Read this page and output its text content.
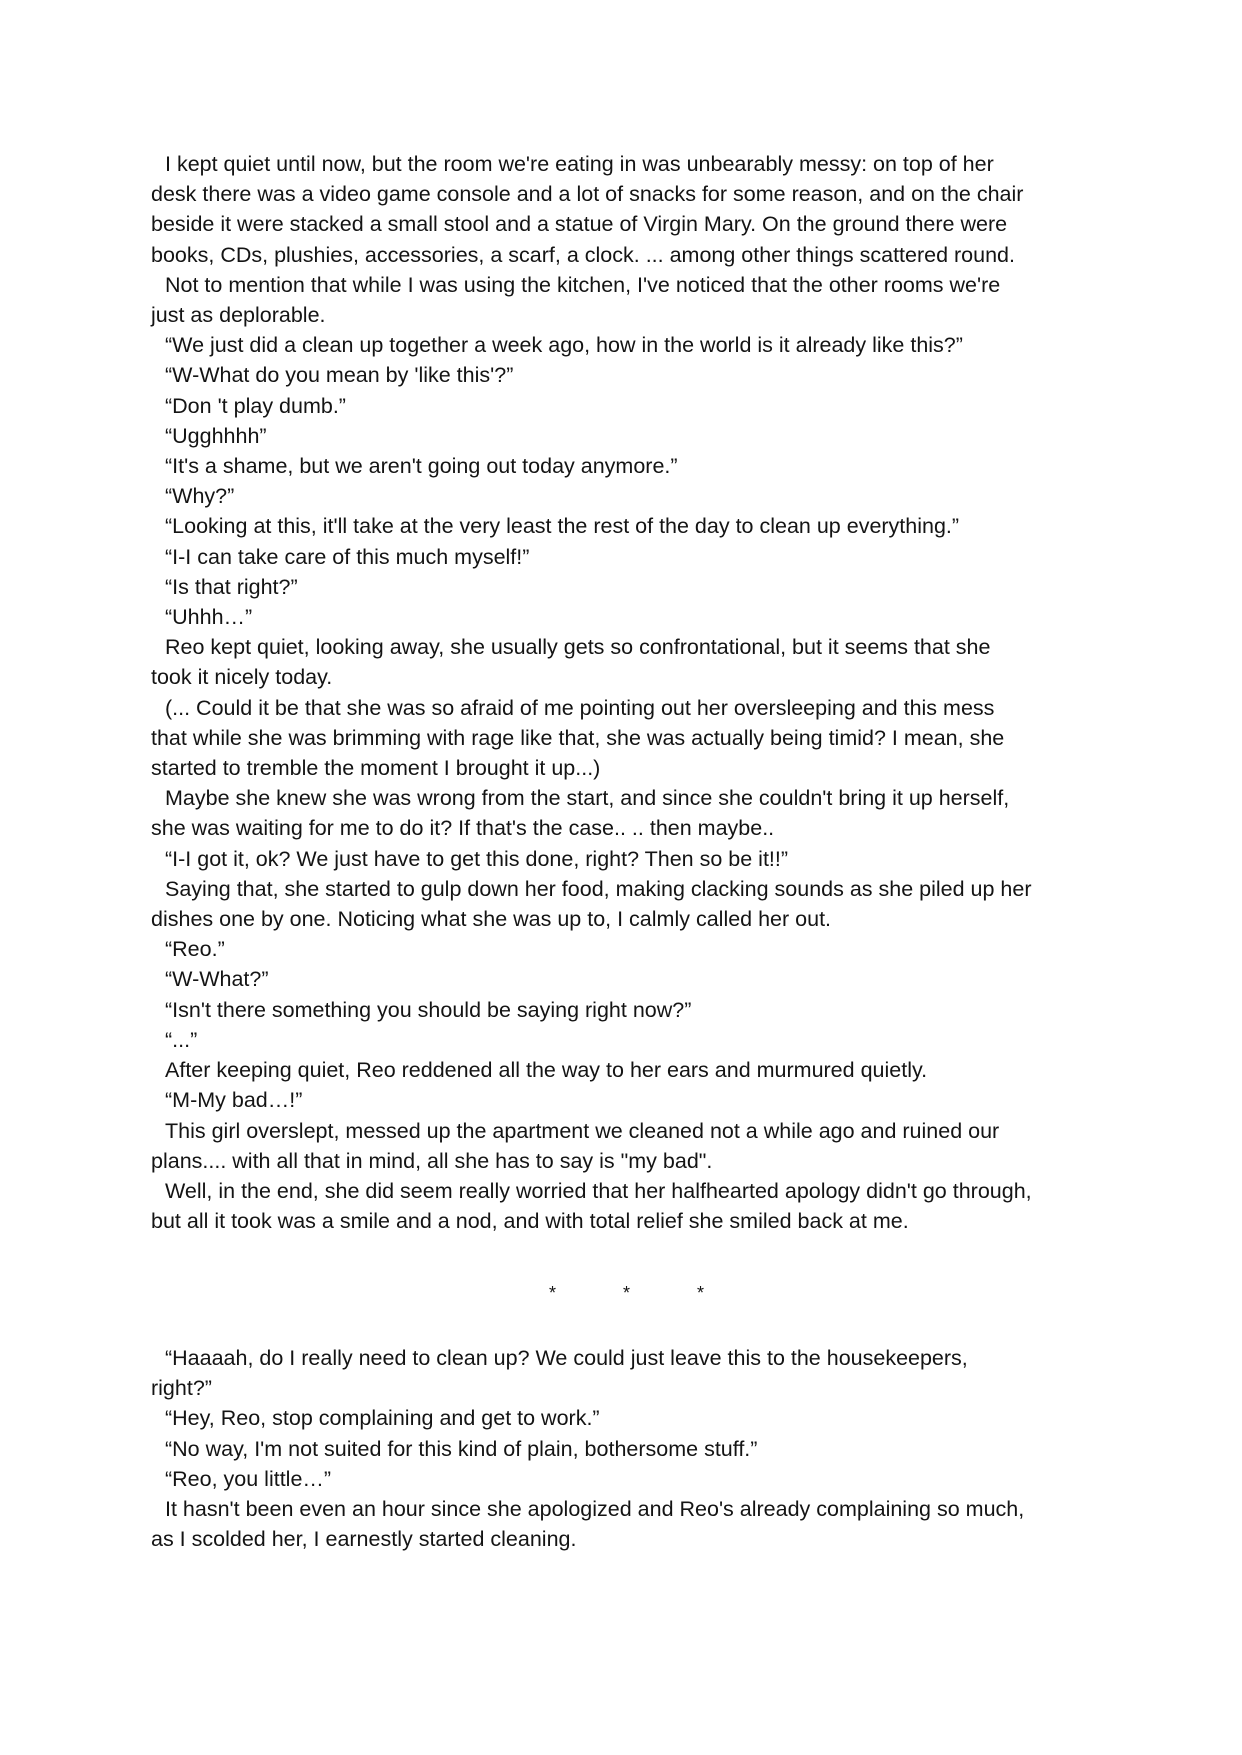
I kept quiet until now, but the room we're eating in was unbearably messy: on top of her
desk there was a video game console and a lot of snacks for some reason, and on the chair
beside it were stacked a small stool and a statue of Virgin Mary. On the ground there were
books, CDs, plushies, accessories, a scarf, a clock. ... among other things scattered round.

Not to mention that while I was using the kitchen, I've noticed that the other rooms we're
just as deplorable.

“We just did a clean up together a week ago, how in the world is it already like this?”

“W-What do you mean by 'like this'?”

“Don 't play dumb.”

“Ugghhhh”

“It's a shame, but we aren't going out today anymore.”

“Why?”

“Looking at this, it'll take at the very least the rest of the day to clean up everything.”

“I-I can take care of this much myself!”

“Is that right?”

“Uhhh…”

Reo kept quiet, looking away, she usually gets so confrontational, but it seems that she
took it nicely today.

(... Could it be that she was so afraid of me pointing out her oversleeping and this mess
that while she was brimming with rage like that, she was actually being timid? I mean, she
started to tremble the moment I brought it up...)

Maybe she knew she was wrong from the start, and since she couldn't bring it up herself,
she was waiting for me to do it? If that's the case.. .. then maybe..

“I-I got it, ok? We just have to get this done, right? Then so be it!!”

Saying that, she started to gulp down her food, making clacking sounds as she piled up her
dishes one by one. Noticing what she was up to, I calmly called her out.

“Reo.”

“W-What?”

“Isn't there something you should be saying right now?”

“...”

After keeping quiet, Reo reddened all the way to her ears and murmured quietly.

“M-My bad…!”

This girl overslept, messed up the apartment we cleaned not a while ago and ruined our
plans.... with all that in mind, all she has to say is "my bad".

Well, in the end, she did seem really worried that her halfhearted apology didn't go through,
but all it took was a smile and a nod, and with total relief she smiled back at me.

*	*	*

“Haaaah, do I really need to clean up? We could just leave this to the housekeepers,
right?”

“Hey, Reo, stop complaining and get to work.”

“No way, I'm not suited for this kind of plain, bothersome stuff.”

“Reo, you little…”

It hasn't been even an hour since she apologized and Reo's already complaining so much,
as I scolded her, I earnestly started cleaning.
